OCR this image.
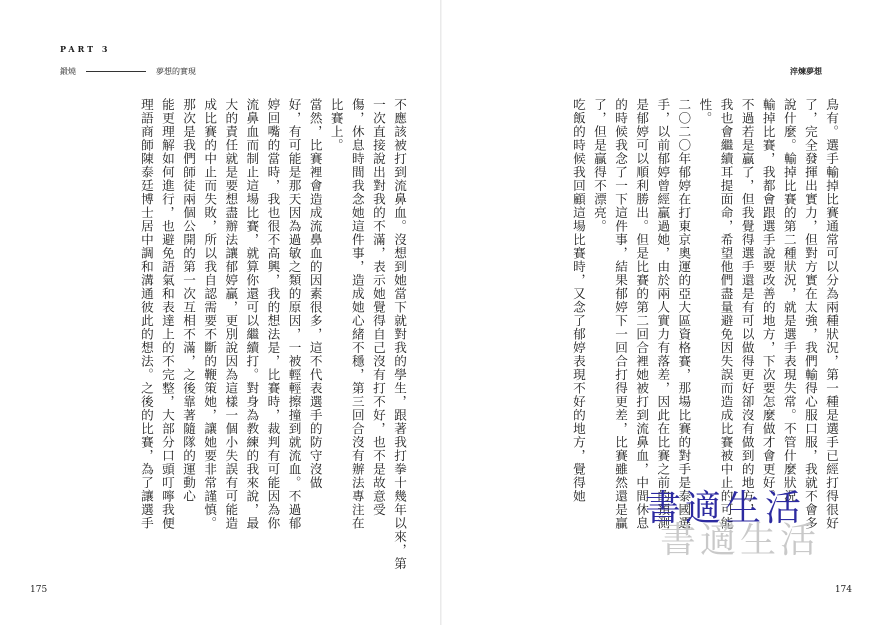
PART 3
鍛燒	夢想的實現	淬煉夢想
不應該被打到流鼻血。沒想到她當下就對我的學生，跟著我打拳十幾年以來，第
一次直接說出對我的不滿，表示她覺得自己沒有打不好，也不是故意受
傷，休息時間我念她這件事，造成她心緒不穩，第三回合沒有辦法專注在
比賽上。
當然，比賽裡會造成流鼻血的因素很多，這不代表選手的防守沒做
好，有可能是那天因為過敏之類的原因，一被輕輕擦撞到就流血。不過郁
婷回嘴的當時，我也很不高興，我的想法是，比賽時，裁判有可能因為你
流鼻血而制止這場比賽，就算你還可以繼續打。對身為教練的我來說，最
大的責任就是要想盡辦法讓郁婷贏，更別說因為這樣一個小失誤有可能造
成比賽的中止而失敗，所以我自認需要不斷的鞭策她，讓她要非常謹慎。
那次是我們師徒兩個公開的第一次互相不滿，之後靠著隨隊的運動心
能更理解如何進行，也避免語氣和表達上的不完整，大部分口頭叮嚀我便
理語商師陳泰廷博士居中調和溝通彼此的想法。之後的比賽，為了讓選手	鳥有。選手輸掉比賽通常可以分為兩種狀況，第一種是選手已經打得很好
了，完全發揮出實力，但對方實在太強，我們輸得心服口服，我就不會多
說什麼。輸掉比賽的第二種狀況，就是選手表現失常。不管什麼狀況
輸掉比賽，我都會跟選手說要改善的地方，下次要怎麼做才會更好。
不過若是贏了，但我覺得選手還是有可以做得更好卻沒有做到的地方，
我也會繼續耳提面命，希望他們盡量避免因失誤而造成比賽被中止的可能
性。
二〇二〇年郁婷在打東京奧運的亞大區資格賽，那場比賽的對手是泰國選
手，以前郁婷曾經贏過她，由於兩人實力有落差，因此在比賽之前的預測
是郁婷可以順利勝出。但是比賽的第二回合裡她被打到流鼻血，中間休息
的時候我念了一下這件事，結果郁婷下一回合打得更差，比賽雖然還是贏
了，但是贏得不漂亮。
吃飯的時候我回顧這場比賽時，又念了郁婷表現不好的地方，覺得她
書適生活
書適生活
175	174
